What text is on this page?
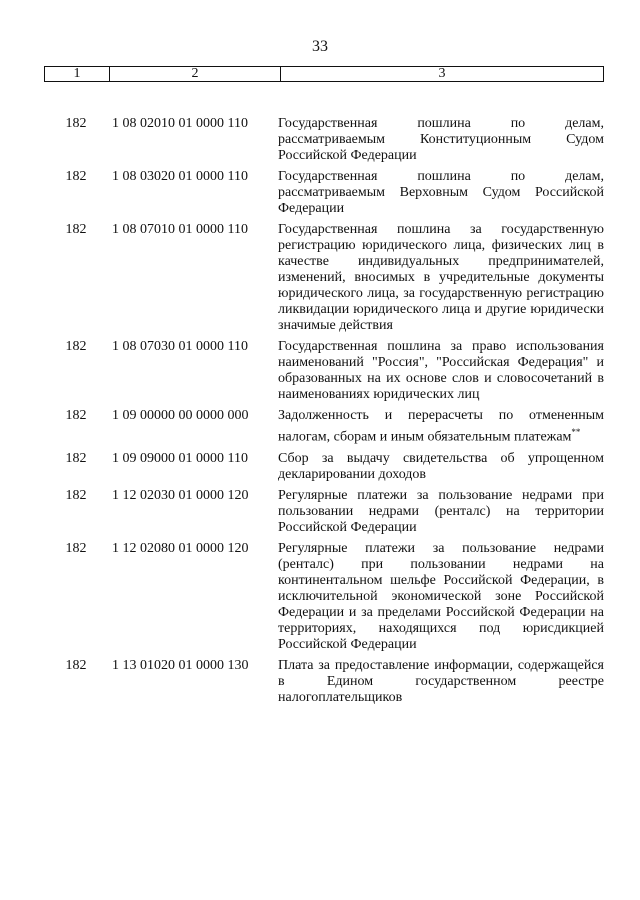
33
1	2	3
182	1 08 02010 01 0000 110	Государственная пошлина по делам, рассматриваемым Конституционным Судом Российской Федерации
182	1 08 03020 01 0000 110	Государственная пошлина по делам, рассматриваемым Верховным Судом Российской Федерации
182	1 08 07010 01 0000 110	Государственная пошлина за государственную регистрацию юридического лица, физических лиц в качестве индивидуальных предпринимателей, изменений, вносимых в учредительные документы юридического лица, за государственную регистрацию ликвидации юридического лица и другие юридически значимые действия
182	1 08 07030 01 0000 110	Государственная пошлина за право использования наименований "Россия", "Российская Федерация" и образованных на их основе слов и словосочетаний в наименованиях юридических лиц
182	1 09 00000 00 0000 000	Задолженность и перерасчеты по отмененным налогам, сборам и иным обязательным платежам**
182	1 09 09000 01 0000 110	Сбор за выдачу свидетельства об упрощенном декларировании доходов
182	1 12 02030 01 0000 120	Регулярные платежи за пользование недрами при пользовании недрами (ренталс) на территории Российской Федерации
182	1 12 02080 01 0000 120	Регулярные платежи за пользование недрами (ренталс) при пользовании недрами на континентальном шельфе Российской Федерации, в исключительной экономической зоне Российской Федерации и за пределами Российской Федерации на территориях, находящихся под юрисдикцией Российской Федерации
182	1 13 01020 01 0000 130	Плата за предоставление информации, содержащейся в Едином государственном реестре налогоплательщиков
